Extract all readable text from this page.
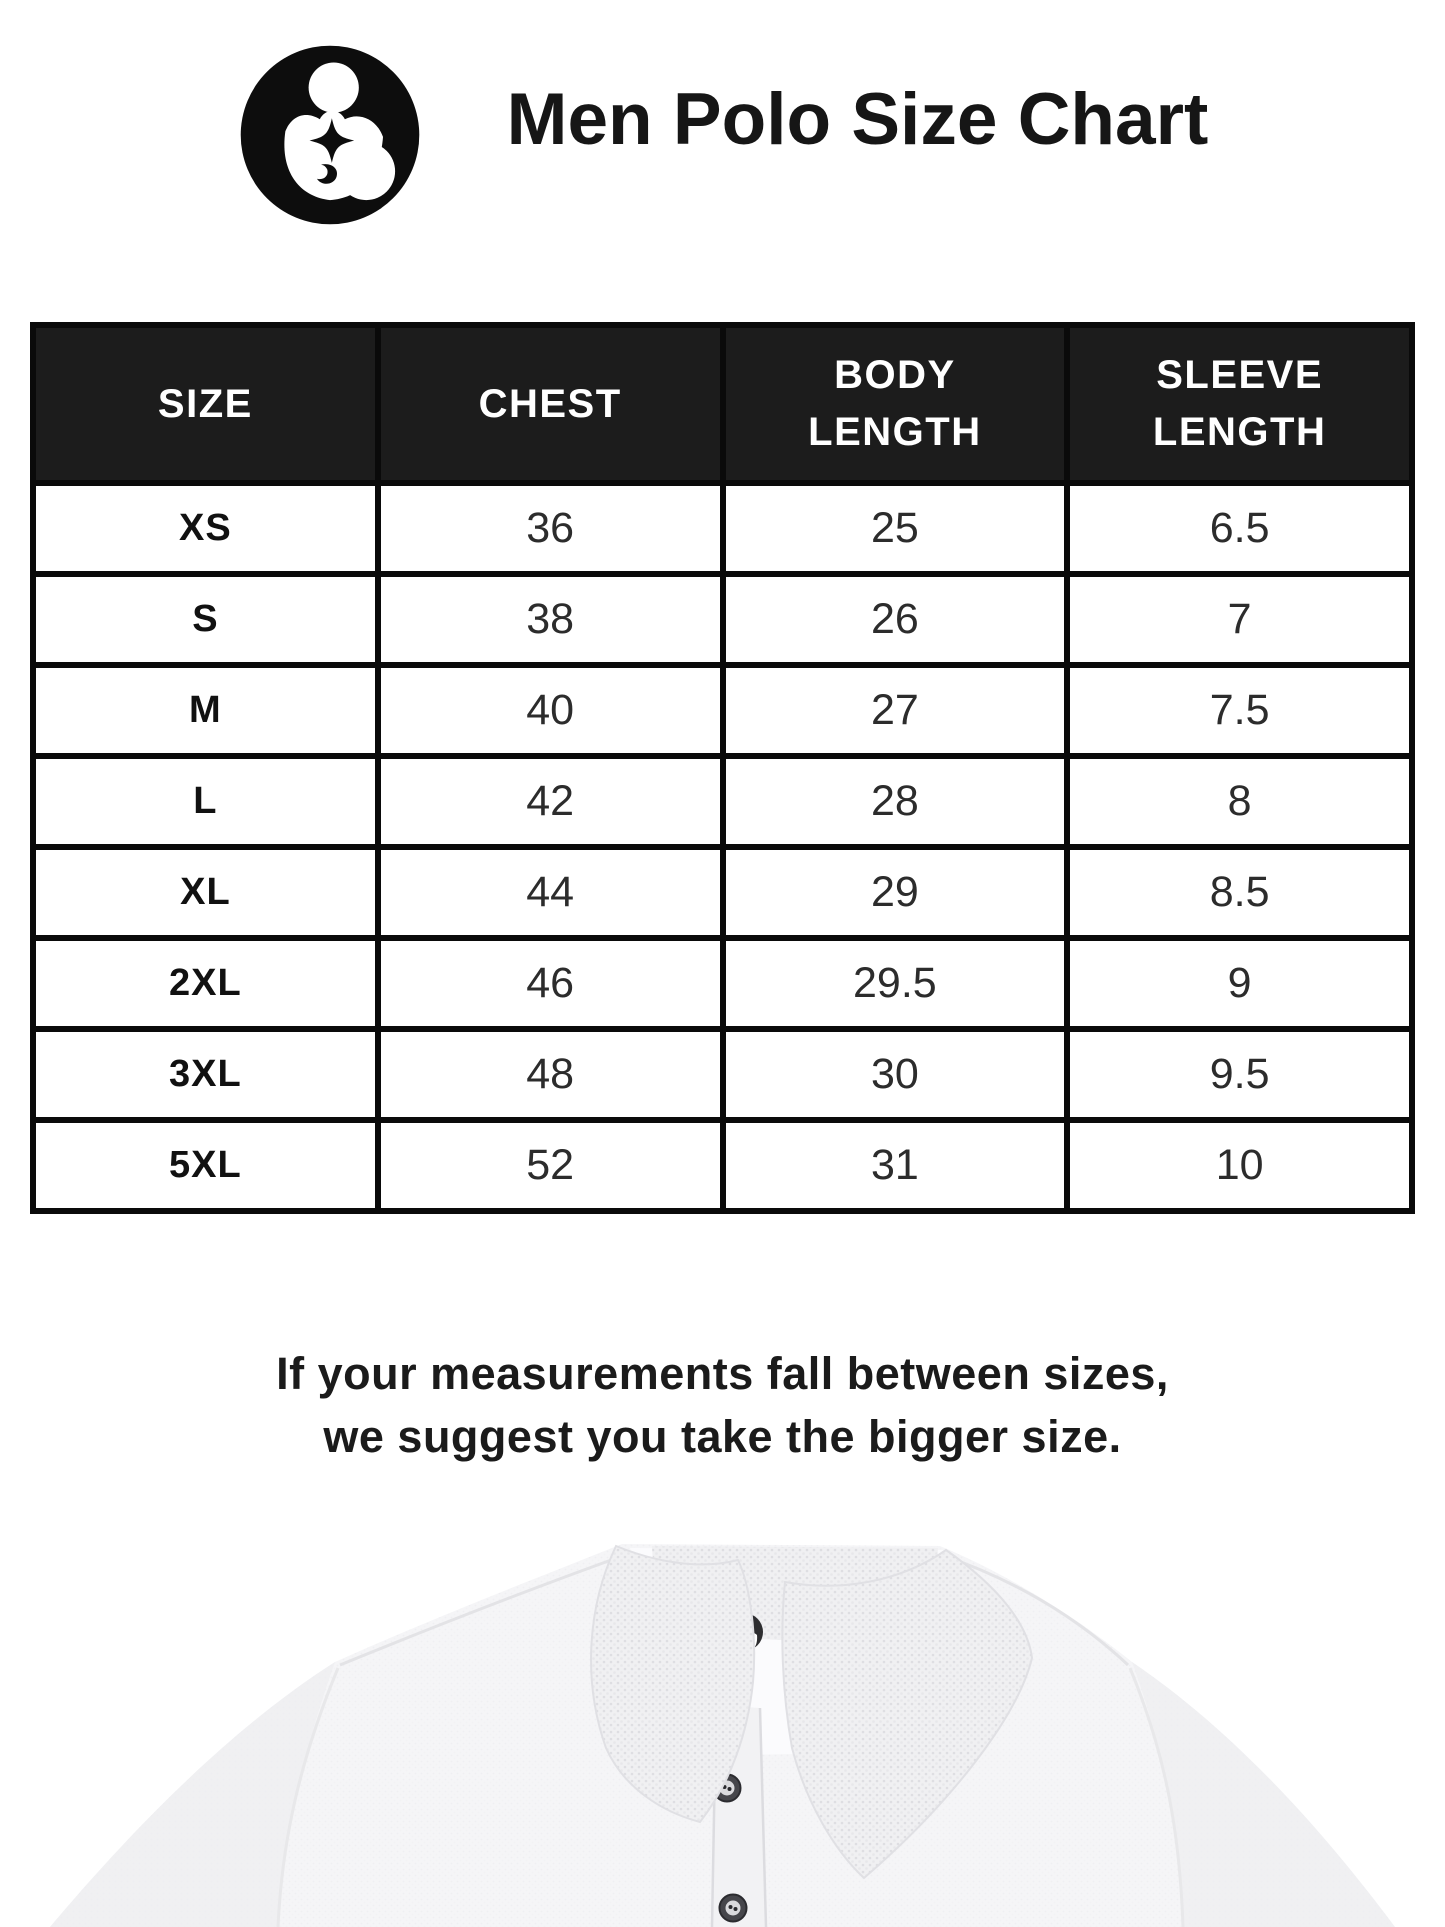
Men Polo Size Chart
SIZE	CHEST	BODY LENGTH	SLEEVE LENGTH
XS	36	25	6.5
S	38	26	7
M	40	27	7.5
L	42	28	8
XL	44	29	8.5
2XL	46	29.5	9
3XL	48	30	9.5
5XL	52	31	10

If your measurements fall between sizes,
we suggest you take the bigger size.
